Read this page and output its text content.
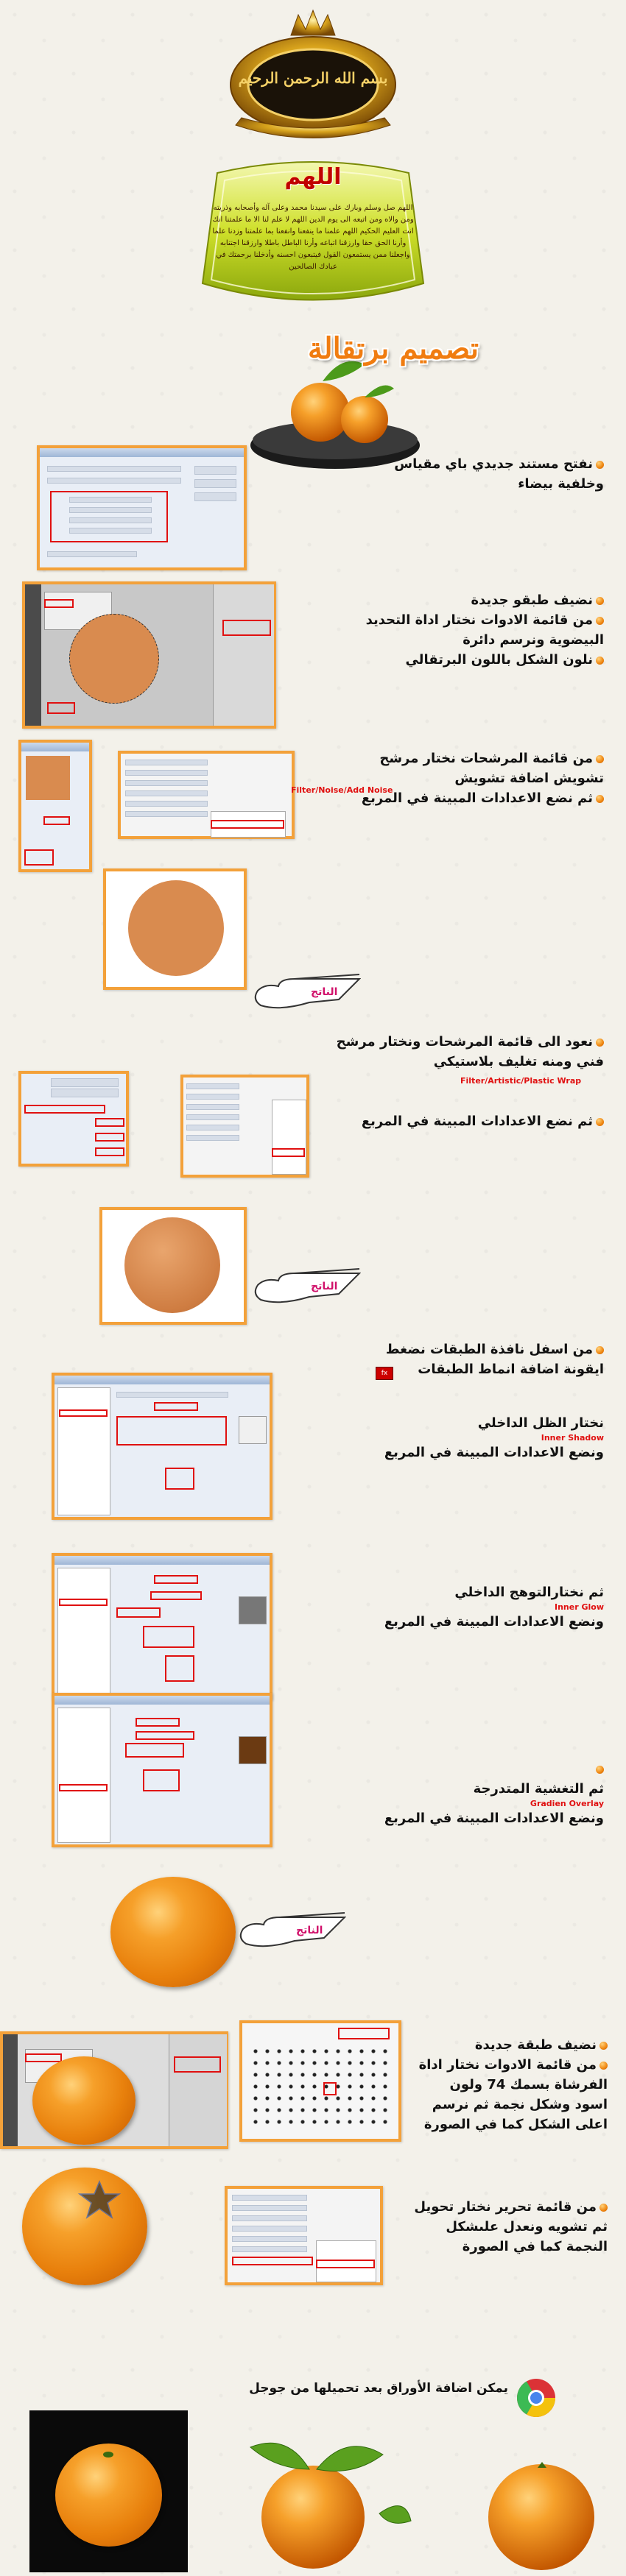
بسم الله الرحمن الرحيم
اللهم
اللهم صل وسلم وبارك على سيدنا محمد وعلى آله وأصحابه وذريته ومن والاه ومن اتبعه الى يوم الدين اللهم لا علم لنا الا ما علمتنا انك انت العليم الحكيم اللهم علمنا ما ينفعنا وانفعنا بما علمتنا وزدنا علما وأرنا الحق حقا وارزقنا اتباعه وأرنا الباطل باطلا وارزقنا اجتنابه واجعلنا ممن يستمعون القول فيتبعون احسنه وأدخلنا برحمتك في عبادك الصالحين
تصميم برتقالة
نفتح مستند جديدي باي مقياس
وخلفية بيضاء
نضيف طبقو جديدة
من قائمة الادوات نختار اداة التحديد
البيضوية ونرسم دائرة
نلون الشكل باللون البرتقالي
من قائمة المرشحات نختار مرشح
تشويش اضافة تشويش
ثم نضع الاعدادات المبينة في المربع
Filter/Noise/Add Noise
الناتج
نعود الى قائمة المرشحات ونختار مرشح
فني ومنه تغليف بلاستيكي
Filter/Artistic/Plastic Wrap
ثم نضع الاعدادات المبينة في المربع
الناتج
من اسفل نافذة الطبقات نضغط
ايقونة اضافة انماط الطبقات
fx
نختار الظل الداخلي
Inner Shadow
ونضع الاعدادات المبينة في المربع
ثم نختارالتوهج الداخلي
Inner Glow
ونضع الاعدادات المبينة في المربع
ثم التغشية المتدرجة
Gradien Overlay
ونضع الاعدادات المبينة في المربع
الناتج
نضيف طبقة جديدة
من قائمة الادوات نختار اداة
الفرشاة بسمك 74 ولون
اسود وشكل نجمة ثم نرسم
اعلى الشكل كما في الصورة
من قائمة تحرير نختار تحويل
ثم تشويه ونعدل علىشكل
النجمة كما في الصورة
يمكن اضافة الأوراق بعد تحميلها من جوجل
